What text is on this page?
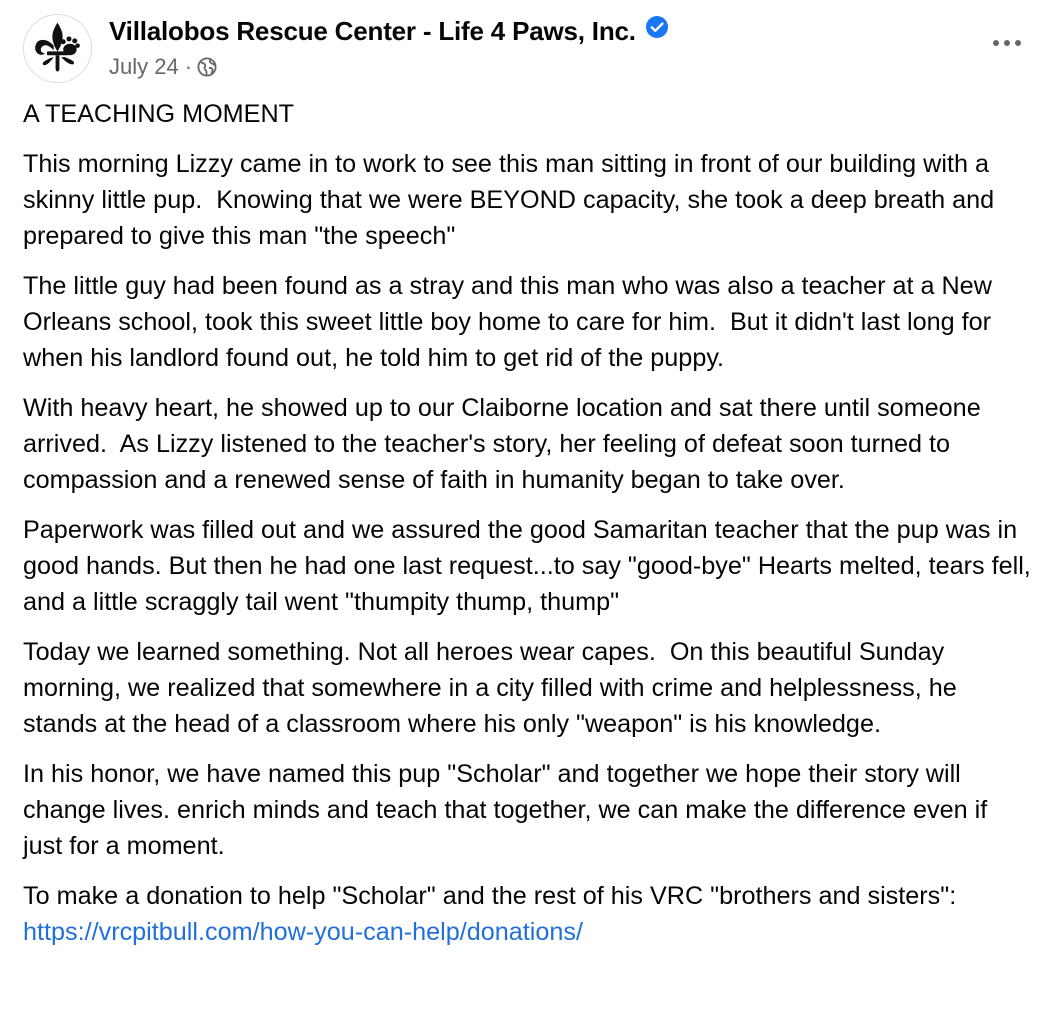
Villalobos Rescue Center - Life 4 Paws, Inc.
July 24 ·

A TEACHING MOMENT

This morning Lizzy came in to work to see this man sitting in front of our building with a skinny little pup.  Knowing that we were BEYOND capacity, she took a deep breath and prepared to give this man "the speech"

The little guy had been found as a stray and this man who was also a teacher at a New Orleans school, took this sweet little boy home to care for him.  But it didn't last long for when his landlord found out, he told him to get rid of the puppy.

With heavy heart, he showed up to our Claiborne location and sat there until someone arrived.  As Lizzy listened to the teacher's story, her feeling of defeat soon turned to compassion and a renewed sense of faith in humanity began to take over.

Paperwork was filled out and we assured the good Samaritan teacher that the pup was in good hands. But then he had one last request...to say "good-bye" Hearts melted, tears fell, and a little scraggly tail went "thumpity thump, thump"

Today we learned something. Not all heroes wear capes.  On this beautiful Sunday morning, we realized that somewhere in a city filled with crime and helplessness, he stands at the head of a classroom where his only "weapon" is his knowledge.

In his honor, we have named this pup "Scholar" and together we hope their story will change lives. enrich minds and teach that together, we can make the difference even if just for a moment.

To make a donation to help "Scholar" and the rest of his VRC "brothers and sisters": https://vrcpitbull.com/how-you-can-help/donations/
